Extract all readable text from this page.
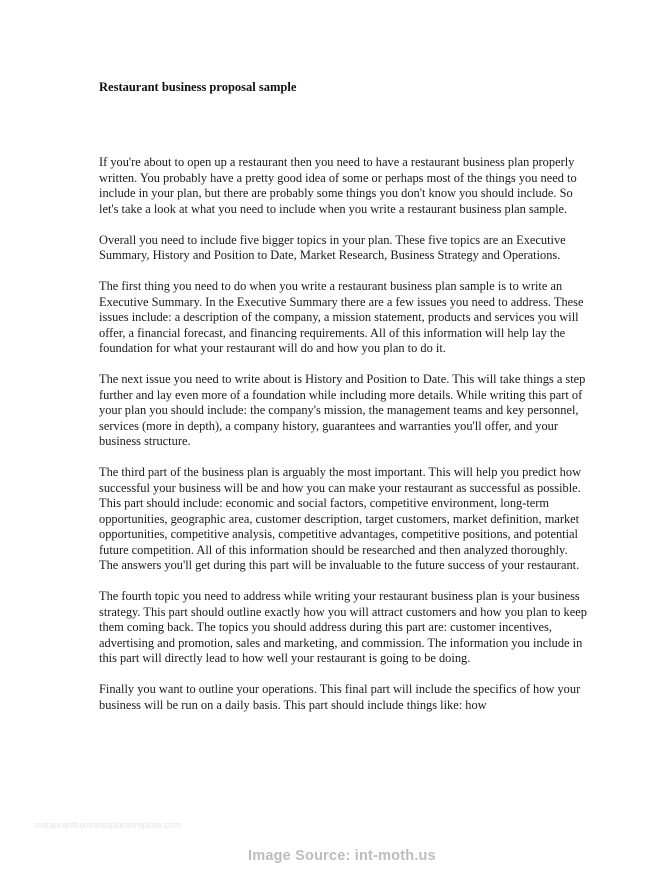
Restaurant business proposal sample

If you're about to open up a restaurant then you need to have a restaurant business plan properly written. You probably have a pretty good idea of some or perhaps most of the things you need to include in your plan, but there are probably some things you don't know you should include. So let's take a look at what you need to include when you write a restaurant business plan sample.

Overall you need to include five bigger topics in your plan. These five topics are an Executive Summary, History and Position to Date, Market Research, Business Strategy and Operations.

The first thing you need to do when you write a restaurant business plan sample is to write an Executive Summary. In the Executive Summary there are a few issues you need to address. These issues include: a description of the company, a mission statement, products and services you will offer, a financial forecast, and financing requirements. All of this information will help lay the foundation for what your restaurant will do and how you plan to do it.

The next issue you need to write about is History and Position to Date. This will take things a step further and lay even more of a foundation while including more details. While writing this part of your plan you should include: the company's mission, the management teams and key personnel, services (more in depth), a company history, guarantees and warranties you'll offer, and your business structure.

The third part of the business plan is arguably the most important. This will help you predict how successful your business will be and how you can make your restaurant as successful as possible. This part should include: economic and social factors, competitive environment, long-term opportunities, geographic area, customer description, target customers, market definition, market opportunities, competitive analysis, competitive advantages, competitive positions, and potential future competition. All of this information should be researched and then analyzed thoroughly. The answers you'll get during this part will be invaluable to the future success of your restaurant.

The fourth topic you need to address while writing your restaurant business plan is your business strategy. This part should outline exactly how you will attract customers and how you plan to keep them coming back. The topics you should address during this part are: customer incentives, advertising and promotion, sales and marketing, and commission. The information you include in this part will directly lead to how well your restaurant is going to be doing.

Finally you want to outline your operations. This final part will include the specifics of how your business will be run on a daily basis. This part should include things like: how

restaurantbusinessplantemplate.com
Image Source: int-moth.us
